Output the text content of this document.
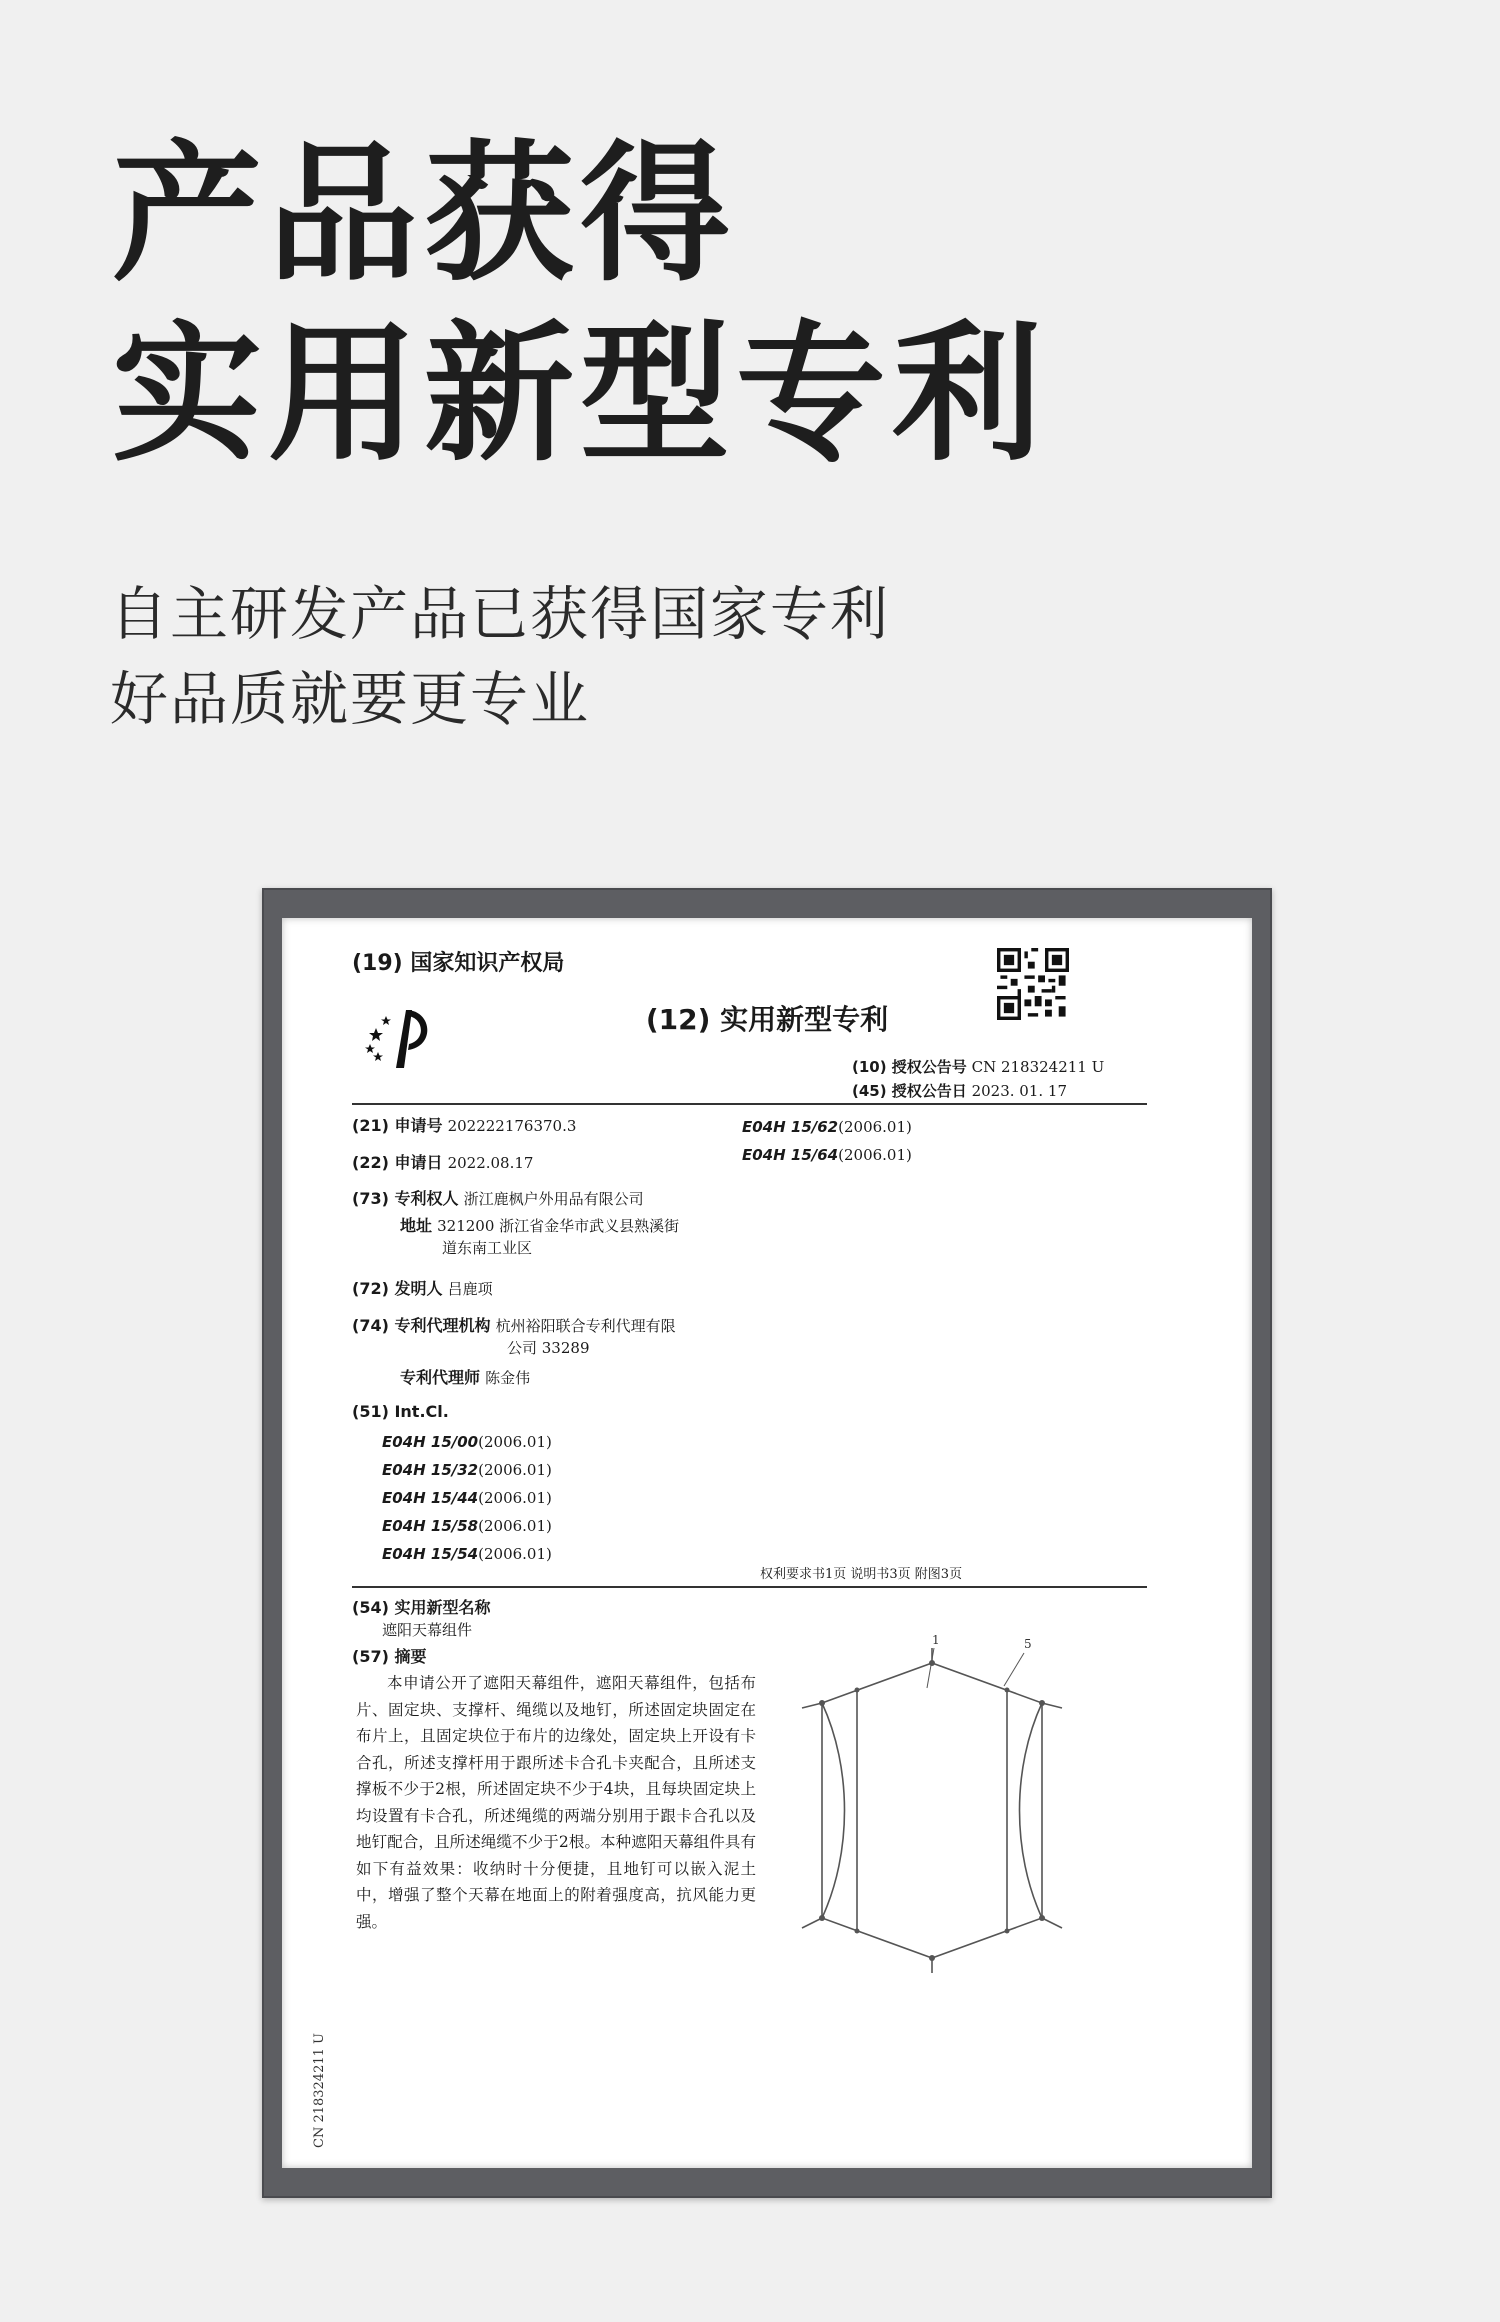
产品获得
实用新型专利

自主研发产品已获得国家专利

好品质就要更专业

(19) 国家知识产权局
(12) 实用新型专利
(10) 授权公告号 CN 218324211 U
(45) 授权公告日 2023. 01. 17
(21) 申请号 202222176370.3
(22) 申请日 2022.08.17
(73) 专利权人 浙江鹿枫户外用品有限公司
地址 321200 浙江省金华市武义县熟溪街
道东南工业区
(72) 发明人 吕鹿项
(74) 专利代理机构 杭州裕阳联合专利代理有限
公司 33289
专利代理师 陈金伟
(51) Int.Cl.
E04H 15/00(2006.01)
E04H 15/32(2006.01)
E04H 15/44(2006.01)
E04H 15/58(2006.01)
E04H 15/54(2006.01)
E04H 15/62(2006.01)
E04H 15/64(2006.01)
权利要求书1页 说明书3页 附图3页
(54) 实用新型名称
遮阳天幕组件
(57) 摘要
本申请公开了遮阳天幕组件，遮阳天幕组件，包括布片、固定块、支撑杆、绳缆以及地钉，所述固定块固定在布片上，且固定块位于布片的边缘处，固定块上开设有卡合孔，所述支撑杆用于跟所述卡合孔卡夹配合，且所述支撑板不少于2根，所述固定块不少于4块，且每块固定块上均设置有卡合孔，所述绳缆的两端分别用于跟卡合孔以及地钉配合，且所述绳缆不少于2根。本种遮阳天幕组件具有如下有益效果：收纳时十分便捷，且地钉可以嵌入泥土中，增强了整个天幕在地面上的附着强度高，抗风能力更强。
1	5
CN 218324211 U
